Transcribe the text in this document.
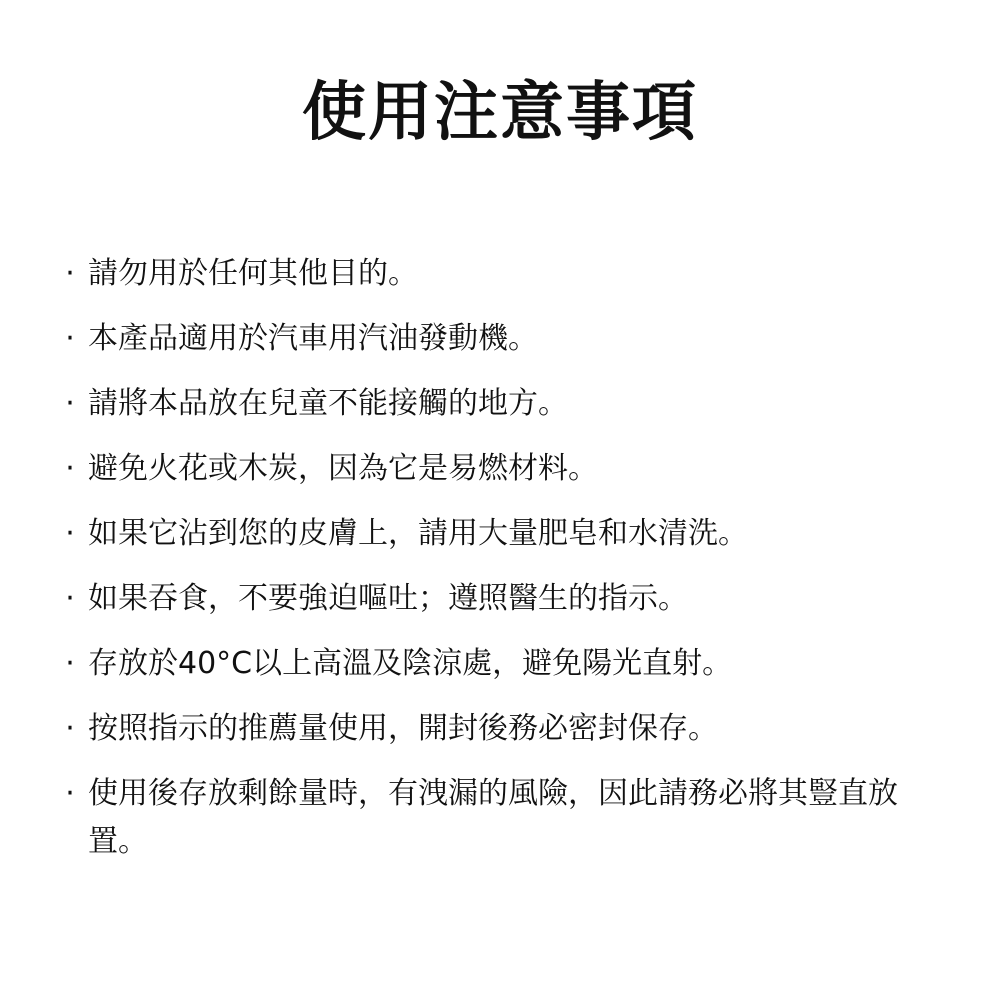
使用注意事項
· 請勿用於任何其他目的。
· 本產品適用於汽車用汽油發動機。
· 請將本品放在兒童不能接觸的地方。
· 避免火花或木炭，因為它是易燃材料。
· 如果它沾到您的皮膚上，請用大量肥皂和水清洗。
· 如果吞食，不要強迫嘔吐；遵照醫生的指示。
· 存放於40°C以上高溫及陰涼處，避免陽光直射。
· 按照指示的推薦量使用，開封後務必密封保存。
· 使用後存放剩餘量時，有洩漏的風險，因此請務必將其豎直放置。
